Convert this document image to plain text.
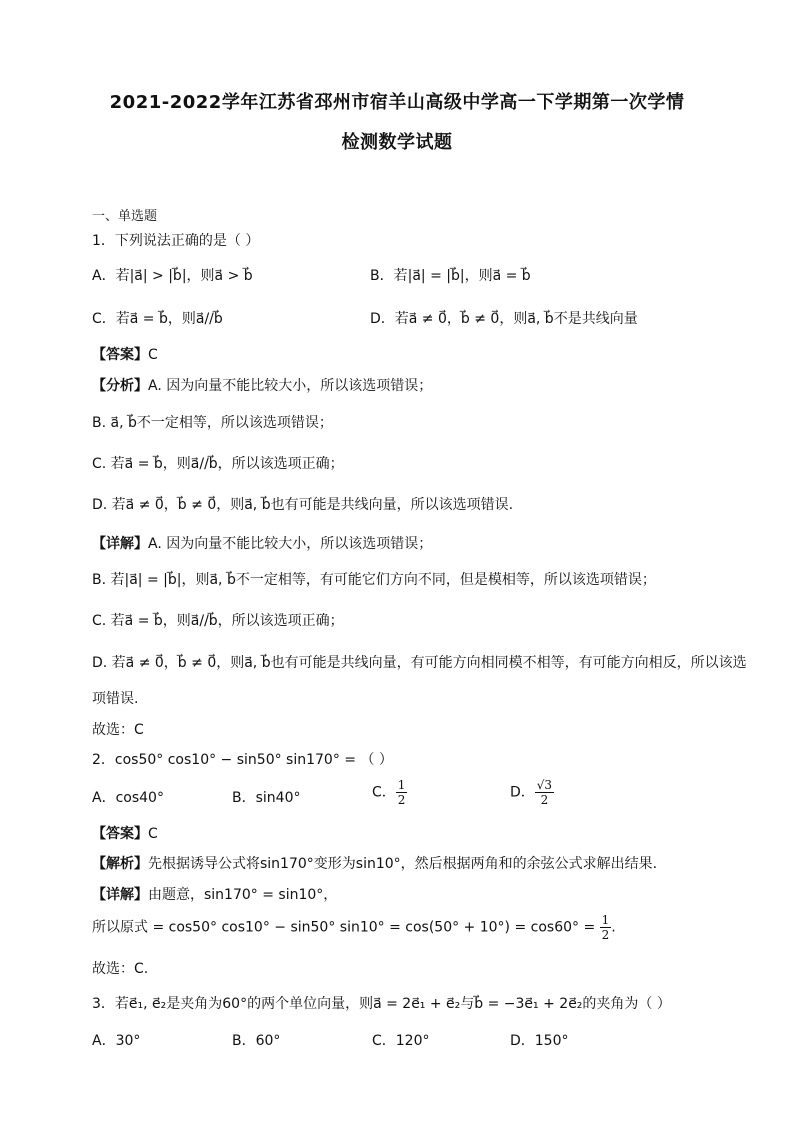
2021-2022学年江苏省邳州市宿羊山高级中学高一下学期第一次学情
检测数学试题
一、单选题
1．下列说法正确的是（ ）
A．若|a⃗| > |b⃗|，则a⃗ > b⃗	B．若|a⃗| = |b⃗|，则a⃗ = b⃗
C．若a⃗ = b⃗，则a⃗//b⃗	D．若a⃗ ≠ 0⃗，b⃗ ≠ 0⃗，则a⃗, b⃗不是共线向量
【答案】C
【分析】A. 因为向量不能比较大小，所以该选项错误；
B. a⃗, b⃗不一定相等，所以该选项错误；
C. 若a⃗ = b⃗，则a⃗//b⃗，所以该选项正确；
D. 若a⃗ ≠ 0⃗，b⃗ ≠ 0⃗，则a⃗, b⃗也有可能是共线向量，所以该选项错误.
【详解】A. 因为向量不能比较大小，所以该选项错误；
B. 若|a⃗| = |b⃗|，则a⃗, b⃗不一定相等，有可能它们方向不同，但是模相等，所以该选项错误；
C. 若a⃗ = b⃗，则a⃗//b⃗，所以该选项正确；
D. 若a⃗ ≠ 0⃗，b⃗ ≠ 0⃗，则a⃗, b⃗也有可能是共线向量，有可能方向相同模不相等，有可能方向相反，所以该选
项错误.
故选：C
2．cos50° cos10° − sin50° sin170° = （ ）
A．cos40°	B．sin40°	C． $\frac{1}{2}$	D． $\frac{√3}{2}$
【答案】C
【解析】先根据诱导公式将sin170°变形为sin10°，然后根据两角和的余弦公式求解出结果.
【详解】由题意，sin170° = sin10°，
所以原式 = cos50° cos10° − sin50° $\sin 10^\circ = \cos(50^\circ + 10^\circ) = \cos 60^\circ = \frac{1}{2}$ .
故选：C.
3．若e⃗₁, e⃗₂是夹角为60°的两个单位向量，则a⃗ = 2e⃗₁ + e⃗₂与b⃗ = −3e⃗₁ + 2e⃗₂的夹角为（ ）
A．30°	B．60°	C．120°	D．150°
